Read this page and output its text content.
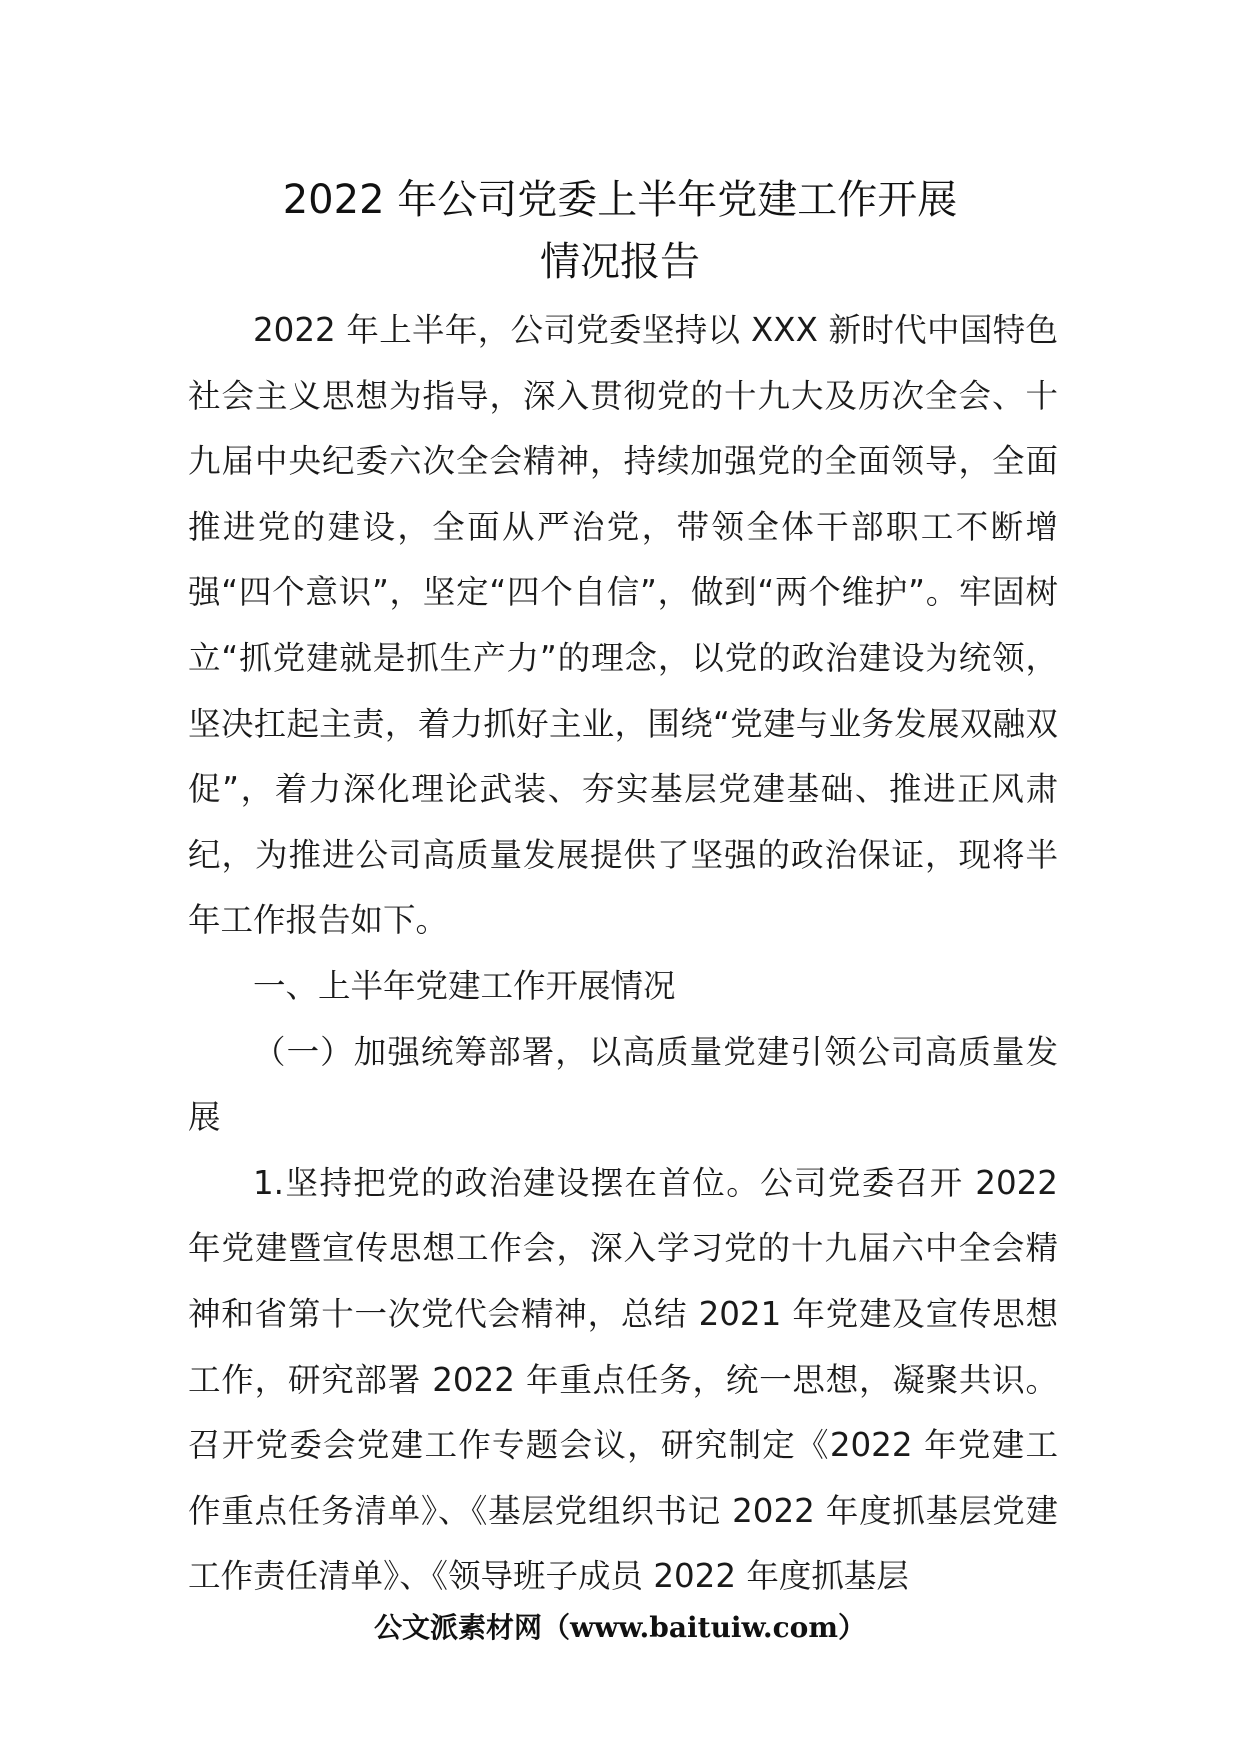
2022 年公司党委上半年党建工作开展
情况报告

2022 年上半年，公司党委坚持以 XXX 新时代中国特色社会主义思想为指导，深入贯彻党的十九大及历次全会、十九届中央纪委六次全会精神，持续加强党的全面领导，全面推进党的建设，全面从严治党，带领全体干部职工不断增强“四个意识”，坚定“四个自信”，做到“两个维护”。牢固树立“抓党建就是抓生产力”的理念，以党的政治建设为统领，坚决扛起主责，着力抓好主业，围绕“党建与业务发展双融双促”，着力深化理论武装、夯实基层党建基础、推进正风肃纪，为推进公司高质量发展提供了坚强的政治保证，现将半年工作报告如下。

一、上半年党建工作开展情况

（一）加强统筹部署，以高质量党建引领公司高质量发展

1.坚持把党的政治建设摆在首位。公司党委召开 2022 年党建暨宣传思想工作会，深入学习党的十九届六中全会精神和省第十一次党代会精神，总结 2021 年党建及宣传思想工作，研究部署 2022 年重点任务，统一思想，凝聚共识。召开党委会党建工作专题会议，研究制定《2022 年党建工作重点任务清单》、《基层党组织书记 2022 年度抓基层党建工作责任清单》、《领导班子成员 2022 年度抓基层

公文派素材网（www.baituiw.com）
